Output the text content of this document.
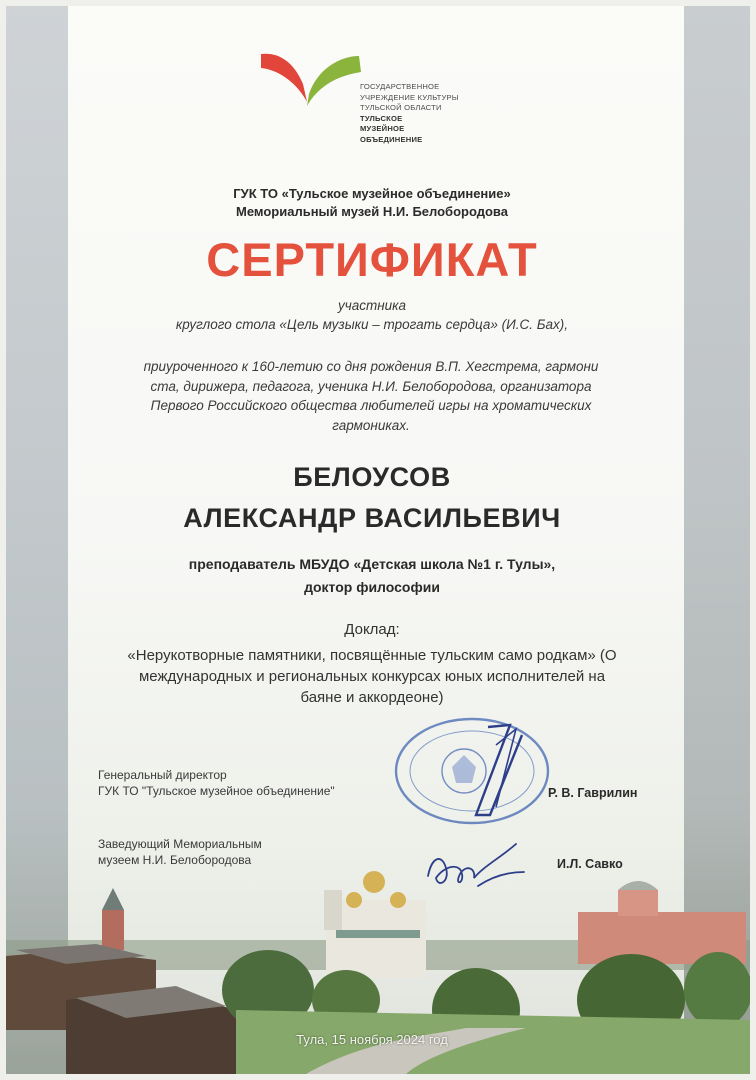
ГОСУДАРСТВЕННОЕ
УЧРЕЖДЕНИЕ КУЛЬТУРЫ
ТУЛЬСКОЙ ОБЛАСТИ
ТУЛЬСКОЕ
МУЗЕЙНОЕ
ОБЪЕДИНЕНИЕ
ГУК ТО «Тульское музейное объединение»
Мемориальный музей Н.И. Белобородова
СЕРТИФИКАТ
участника
круглого стола «Цель музыки – трогать сердца» (И.С. Бах),
приуроченного к 160-летию со дня рождения В.П. Хегстрема, гармони ста, дирижера, педагога, ученика Н.И. Белобородова, организатора Первого Российского общества любителей игры на хроматических гармониках.
БЕЛОУСОВ
АЛЕКСАНДР ВАСИЛЬЕВИЧ
преподаватель МБУДО «Детская школа №1 г. Тулы»,
доктор философии
Доклад:
«Нерукотворные памятники, посвящённые тульским само родкам» (О международных и региональных конкурсах юных исполнителей на баяне и аккордеоне)
Генеральный директор
ГУК ТО "Тульское музейное объединение"	Р. В. Гаврилин
Заведующий Мемориальным
музеем Н.И. Белобородова	И.Л. Савко
Тула, 15 ноября 2024 год
